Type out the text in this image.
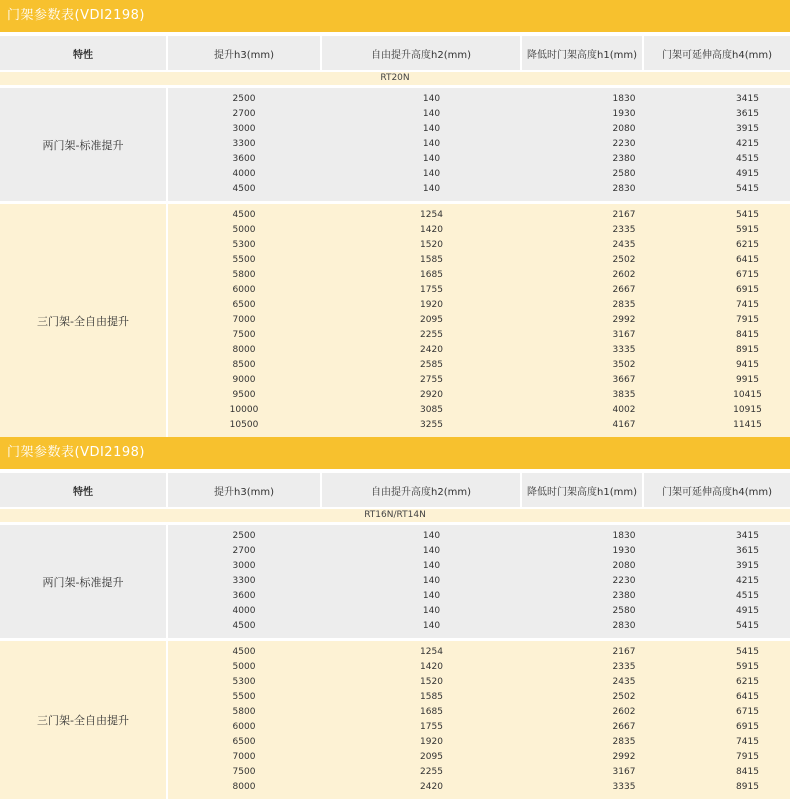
门架参数表(VDI2198)
特性	提升h3(mm)	自由提升高度h2(mm)	降低时门架高度h1(mm)	门架可延伸高度h4(mm)
RT20N
两门架-标准提升
2500	140	1830	3415
2700	140	1930	3615
3000	140	2080	3915
3300	140	2230	4215
3600	140	2380	4515
4000	140	2580	4915
4500	140	2830	5415
三门架-全自由提升
4500	1254	2167	5415
5000	1420	2335	5915
5300	1520	2435	6215
5500	1585	2502	6415
5800	1685	2602	6715
6000	1755	2667	6915
6500	1920	2835	7415
7000	2095	2992	7915
7500	2255	3167	8415
8000	2420	3335	8915
8500	2585	3502	9415
9000	2755	3667	9915
9500	2920	3835	10415
10000	3085	4002	10915
10500	3255	4167	11415
门架参数表(VDI2198)
特性	提升h3(mm)	自由提升高度h2(mm)	降低时门架高度h1(mm)	门架可延伸高度h4(mm)
RT16N/RT14N
两门架-标准提升
2500	140	1830	3415
2700	140	1930	3615
3000	140	2080	3915
3300	140	2230	4215
3600	140	2380	4515
4000	140	2580	4915
4500	140	2830	5415
三门架-全自由提升
4500	1254	2167	5415
5000	1420	2335	5915
5300	1520	2435	6215
5500	1585	2502	6415
5800	1685	2602	6715
6000	1755	2667	6915
6500	1920	2835	7415
7000	2095	2992	7915
7500	2255	3167	8415
8000	2420	3335	8915
